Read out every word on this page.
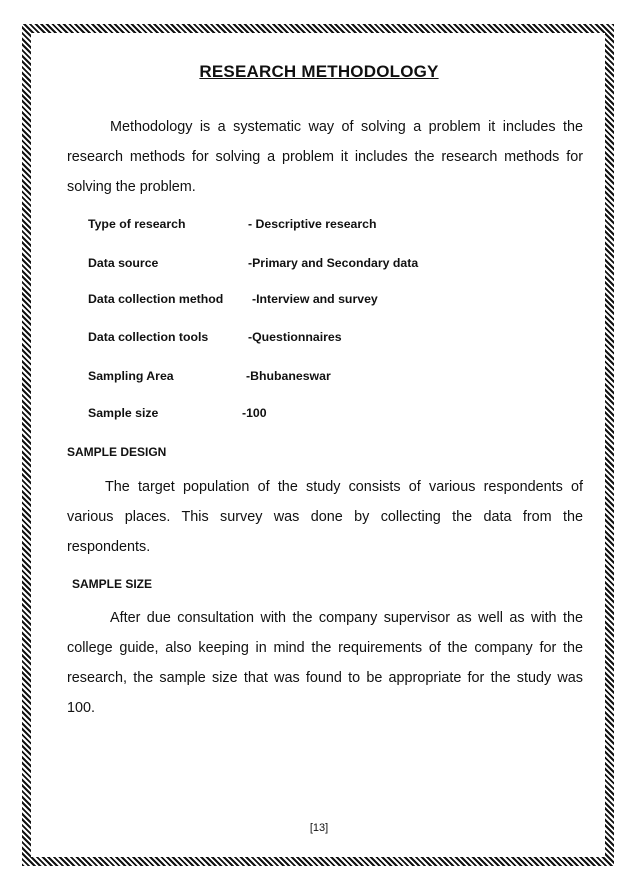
RESEARCH METHODOLOGY

Methodology is a systematic way of solving a problem it includes the research methods for solving a problem it includes the research methods for solving the problem.

Type of research	- Descriptive research
Data source	-Primary and Secondary data
Data collection method -Interview and survey
Data collection tools	-Questionnaires
Sampling Area	-Bhubaneswar
Sample size	-100
SAMPLE DESIGN

The target population of the study consists of various respondents of various places. This survey was done by collecting the data from the respondents.

SAMPLE SIZE

After due consultation with the company supervisor as well as with the college guide, also keeping in mind the requirements of the company for the research, the sample size that was found to be appropriate for the study was 100.

[13]
